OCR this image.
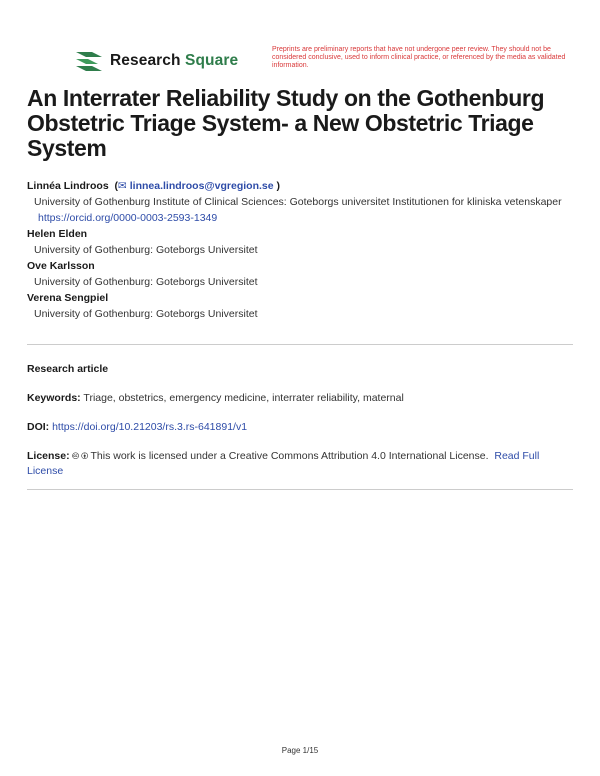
Research Square
Preprints are preliminary reports that have not undergone peer review. They should not be considered conclusive, used to inform clinical practice, or referenced by the media as validated information.
An Interrater Reliability Study on the Gothenburg Obstetric Triage System- a New Obstetric Triage System
Linnéa Lindroos  (✉ linnea.lindroos@vgregion.se )
University of Gothenburg Institute of Clinical Sciences: Goteborgs universitet Institutionen for kliniska vetenskaper https://orcid.org/0000-0003-2593-1349
Helen Elden
University of Gothenburg: Goteborgs Universitet
Ove Karlsson
University of Gothenburg: Goteborgs Universitet
Verena Sengpiel
University of Gothenburg: Goteborgs Universitet
Research article
Keywords: Triage, obstetrics, emergency medicine, interrater reliability, maternal
DOI: https://doi.org/10.21203/rs.3.rs-641891/v1
License: 🅭 🅯 This work is licensed under a Creative Commons Attribution 4.0 International License. Read Full License
Page 1/15
